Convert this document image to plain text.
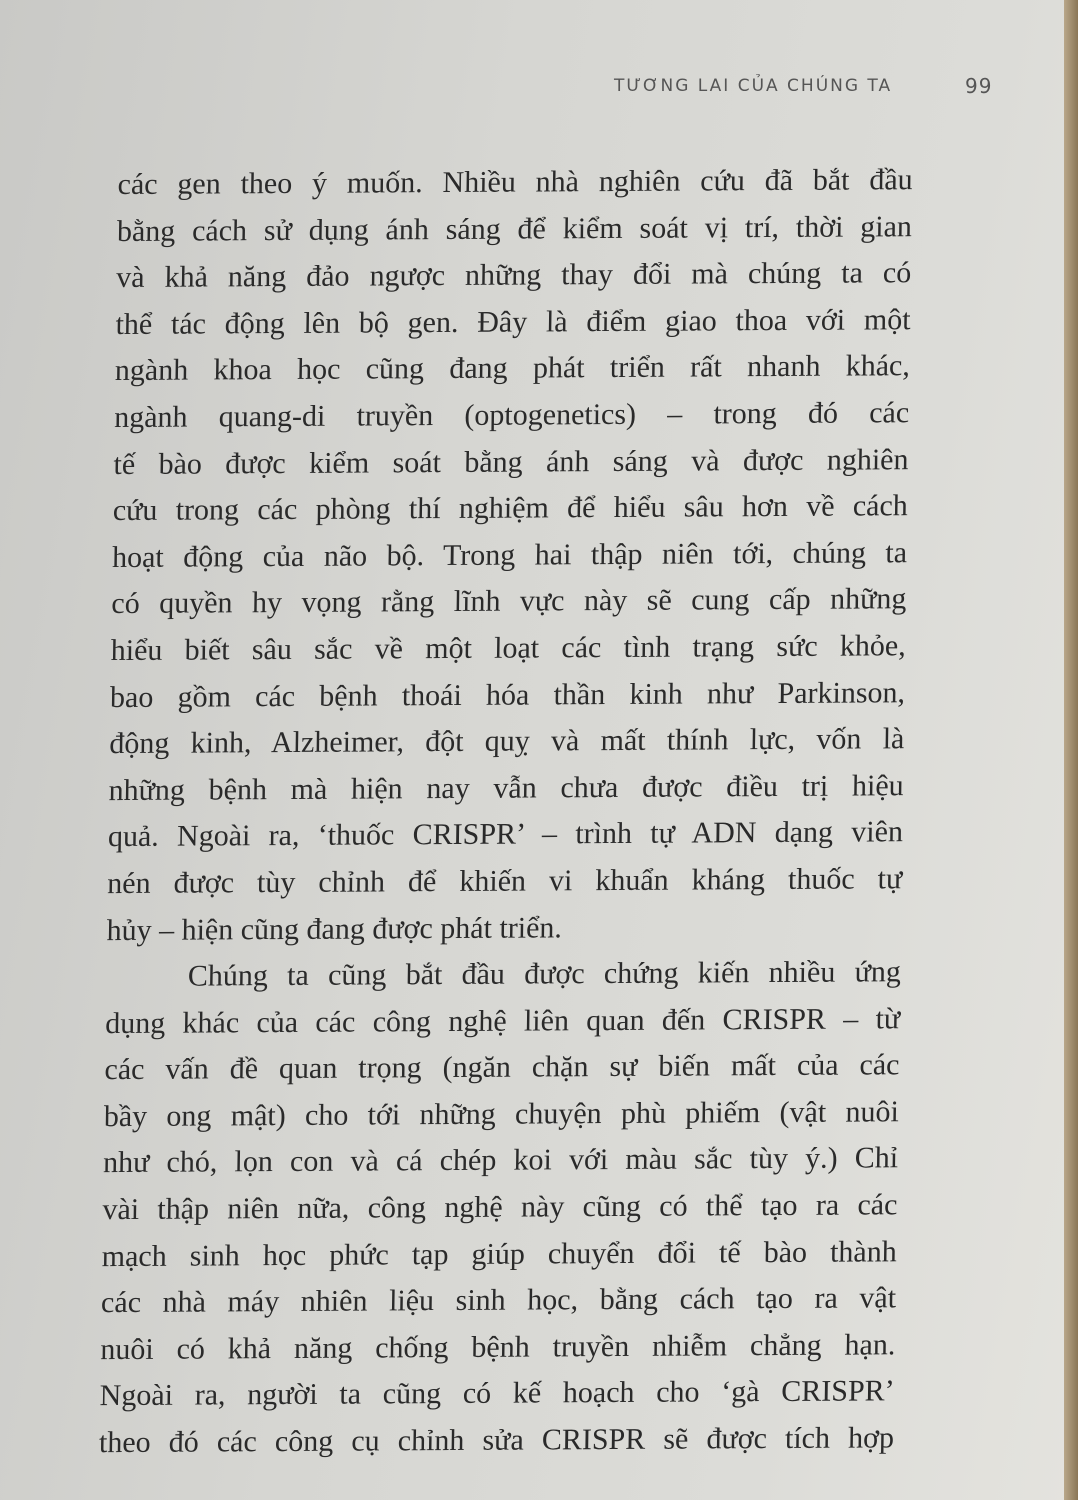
TƯƠNG LAI CỦA CHÚNG TA	99
các gen theo ý muốn. Nhiều nhà nghiên cứu đã bắt đầu
bằng cách sử dụng ánh sáng để kiểm soát vị trí, thời gian
và khả năng đảo ngược những thay đổi mà chúng ta có
thể tác động lên bộ gen. Đây là điểm giao thoa với một
ngành khoa học cũng đang phát triển rất nhanh khác,
ngành quang-di truyền (optogenetics) – trong đó các
tế bào được kiểm soát bằng ánh sáng và được nghiên
cứu trong các phòng thí nghiệm để hiểu sâu hơn về cách
hoạt động của não bộ. Trong hai thập niên tới, chúng ta
có quyền hy vọng rằng lĩnh vực này sẽ cung cấp những
hiểu biết sâu sắc về một loạt các tình trạng sức khỏe,
bao gồm các bệnh thoái hóa thần kinh như Parkinson,
động kinh, Alzheimer, đột quỵ và mất thính lực, vốn là
những bệnh mà hiện nay vẫn chưa được điều trị hiệu
quả. Ngoài ra, ‘thuốc CRISPR’ – trình tự ADN dạng viên
nén được tùy chỉnh để khiến vi khuẩn kháng thuốc tự
hủy – hiện cũng đang được phát triển.
Chúng ta cũng bắt đầu được chứng kiến nhiều ứng
dụng khác của các công nghệ liên quan đến CRISPR – từ
các vấn đề quan trọng (ngăn chặn sự biến mất của các
bầy ong mật) cho tới những chuyện phù phiếm (vật nuôi
như chó, lọn con và cá chép koi với màu sắc tùy ý.) Chỉ
vài thập niên nữa, công nghệ này cũng có thể tạo ra các
mạch sinh học phức tạp giúp chuyển đổi tế bào thành
các nhà máy nhiên liệu sinh học, bằng cách tạo ra vật
nuôi có khả năng chống bệnh truyền nhiễm chẳng hạn.
Ngoài ra, người ta cũng có kế hoạch cho ‘gà CRISPR’
theo đó các công cụ chỉnh sửa CRISPR sẽ được tích hợp
